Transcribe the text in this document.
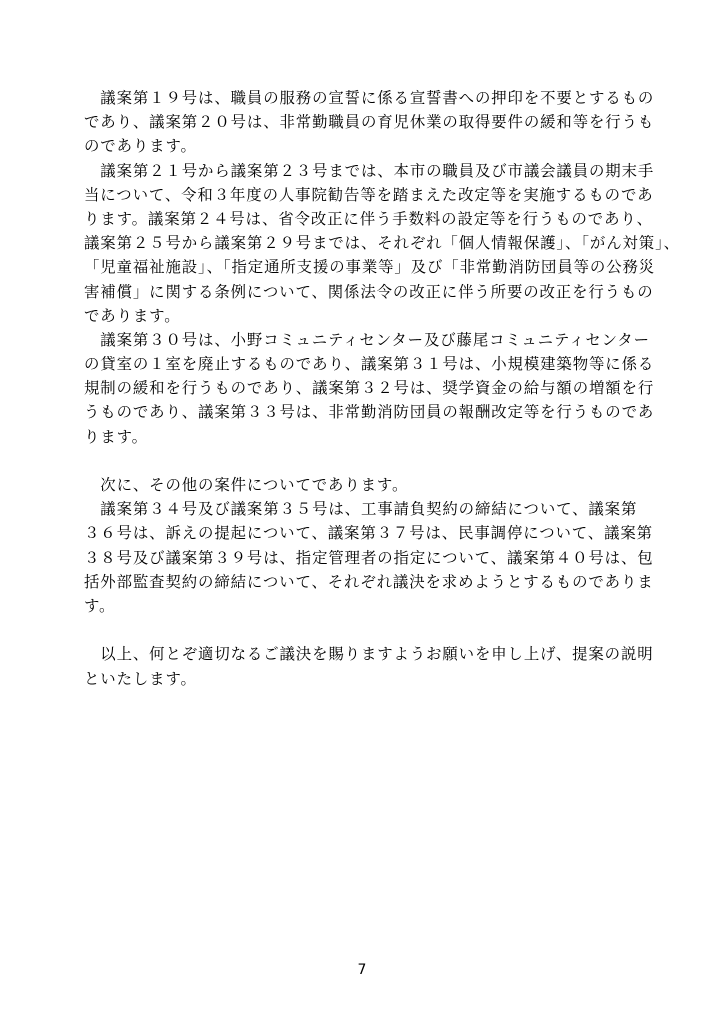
　議案第１９号は、職員の服務の宣誓に係る宣誓書への押印を不要とするもの
であり、議案第２０号は、非常勤職員の育児休業の取得要件の緩和等を行うも
のであります。
　議案第２１号から議案第２３号までは、本市の職員及び市議会議員の期末手
当について、令和３年度の人事院勧告等を踏まえた改定等を実施するものであ
ります。議案第２４号は、省令改正に伴う手数料の設定等を行うものであり、
議案第２５号から議案第２９号までは、それぞれ「個人情報保護」、「がん対策」、
「児童福祉施設」、「指定通所支援の事業等」及び「非常勤消防団員等の公務災
害補償」に関する条例について、関係法令の改正に伴う所要の改正を行うもの
であります。
　議案第３０号は、小野コミュニティセンター及び藤尾コミュニティセンター
の貸室の１室を廃止するものであり、議案第３１号は、小規模建築物等に係る
規制の緩和を行うものであり、議案第３２号は、奨学資金の給与額の増額を行
うものであり、議案第３３号は、非常勤消防団員の報酬改定等を行うものであ
ります。
　次に、その他の案件についてであります。
　議案第３４号及び議案第３５号は、工事請負契約の締結について、議案第
３６号は、訴えの提起について、議案第３７号は、民事調停について、議案第
３８号及び議案第３９号は、指定管理者の指定について、議案第４０号は、包
括外部監査契約の締結について、それぞれ議決を求めようとするものでありま
す。
　以上、何とぞ適切なるご議決を賜りますようお願いを申し上げ、提案の説明
といたします。
7
